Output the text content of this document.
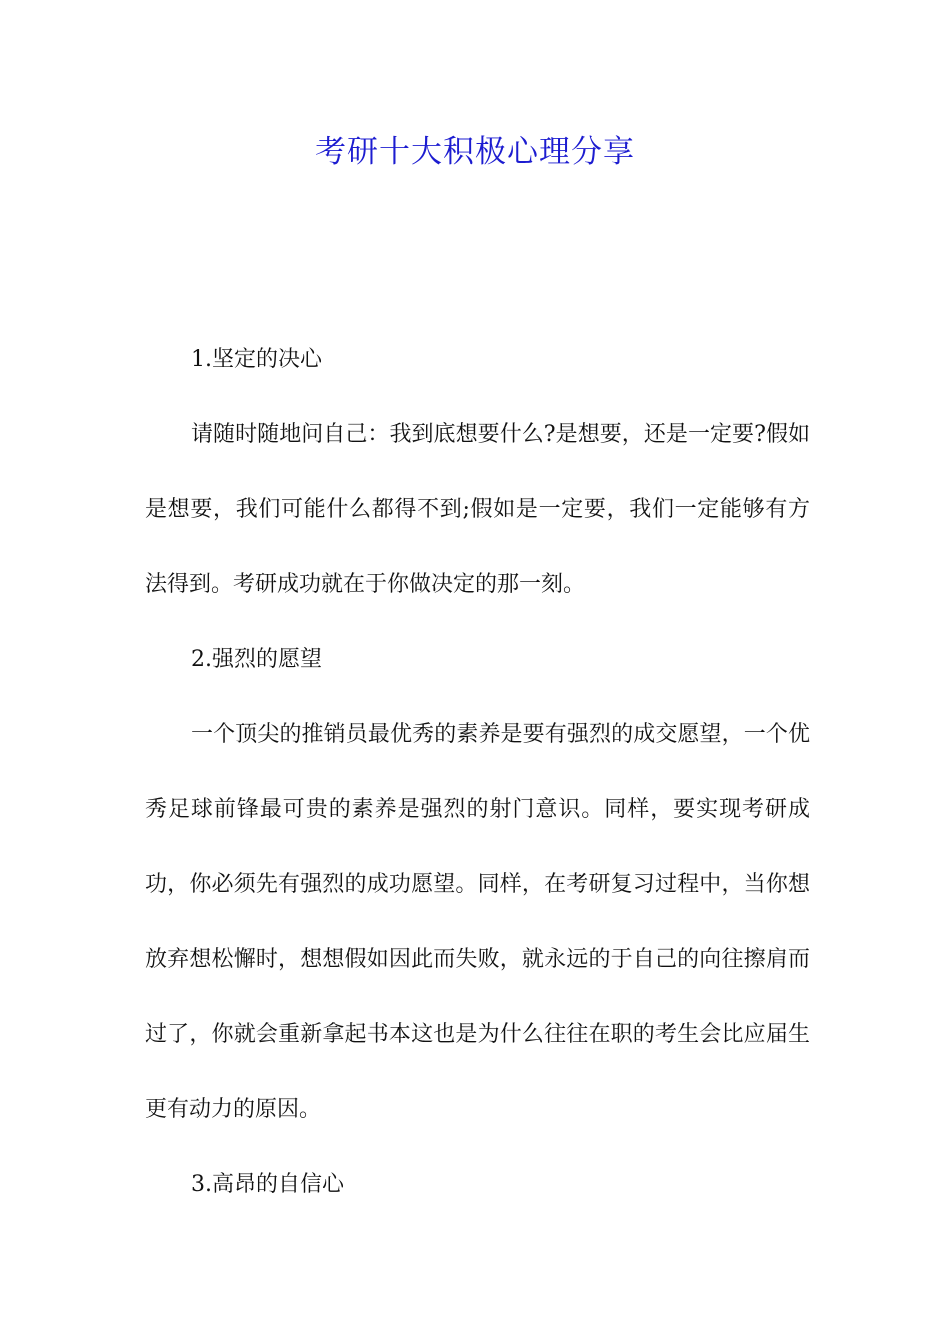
考研十大积极心理分享

1.坚定的决心

请随时随地问自己：我到底想要什么?是想要，还是一定要?假如是想要，我们可能什么都得不到;假如是一定要，我们一定能够有方法得到。考研成功就在于你做决定的那一刻。

2.强烈的愿望

一个顶尖的推销员最优秀的素养是要有强烈的成交愿望，一个优秀足球前锋最可贵的素养是强烈的射门意识。同样，要实现考研成功，你必须先有强烈的成功愿望。同样，在考研复习过程中，当你想放弃想松懈时，想想假如因此而失败，就永远的于自己的向往擦肩而过了，你就会重新拿起书本这也是为什么往往在职的考生会比应届生更有动力的原因。

3.高昂的自信心
